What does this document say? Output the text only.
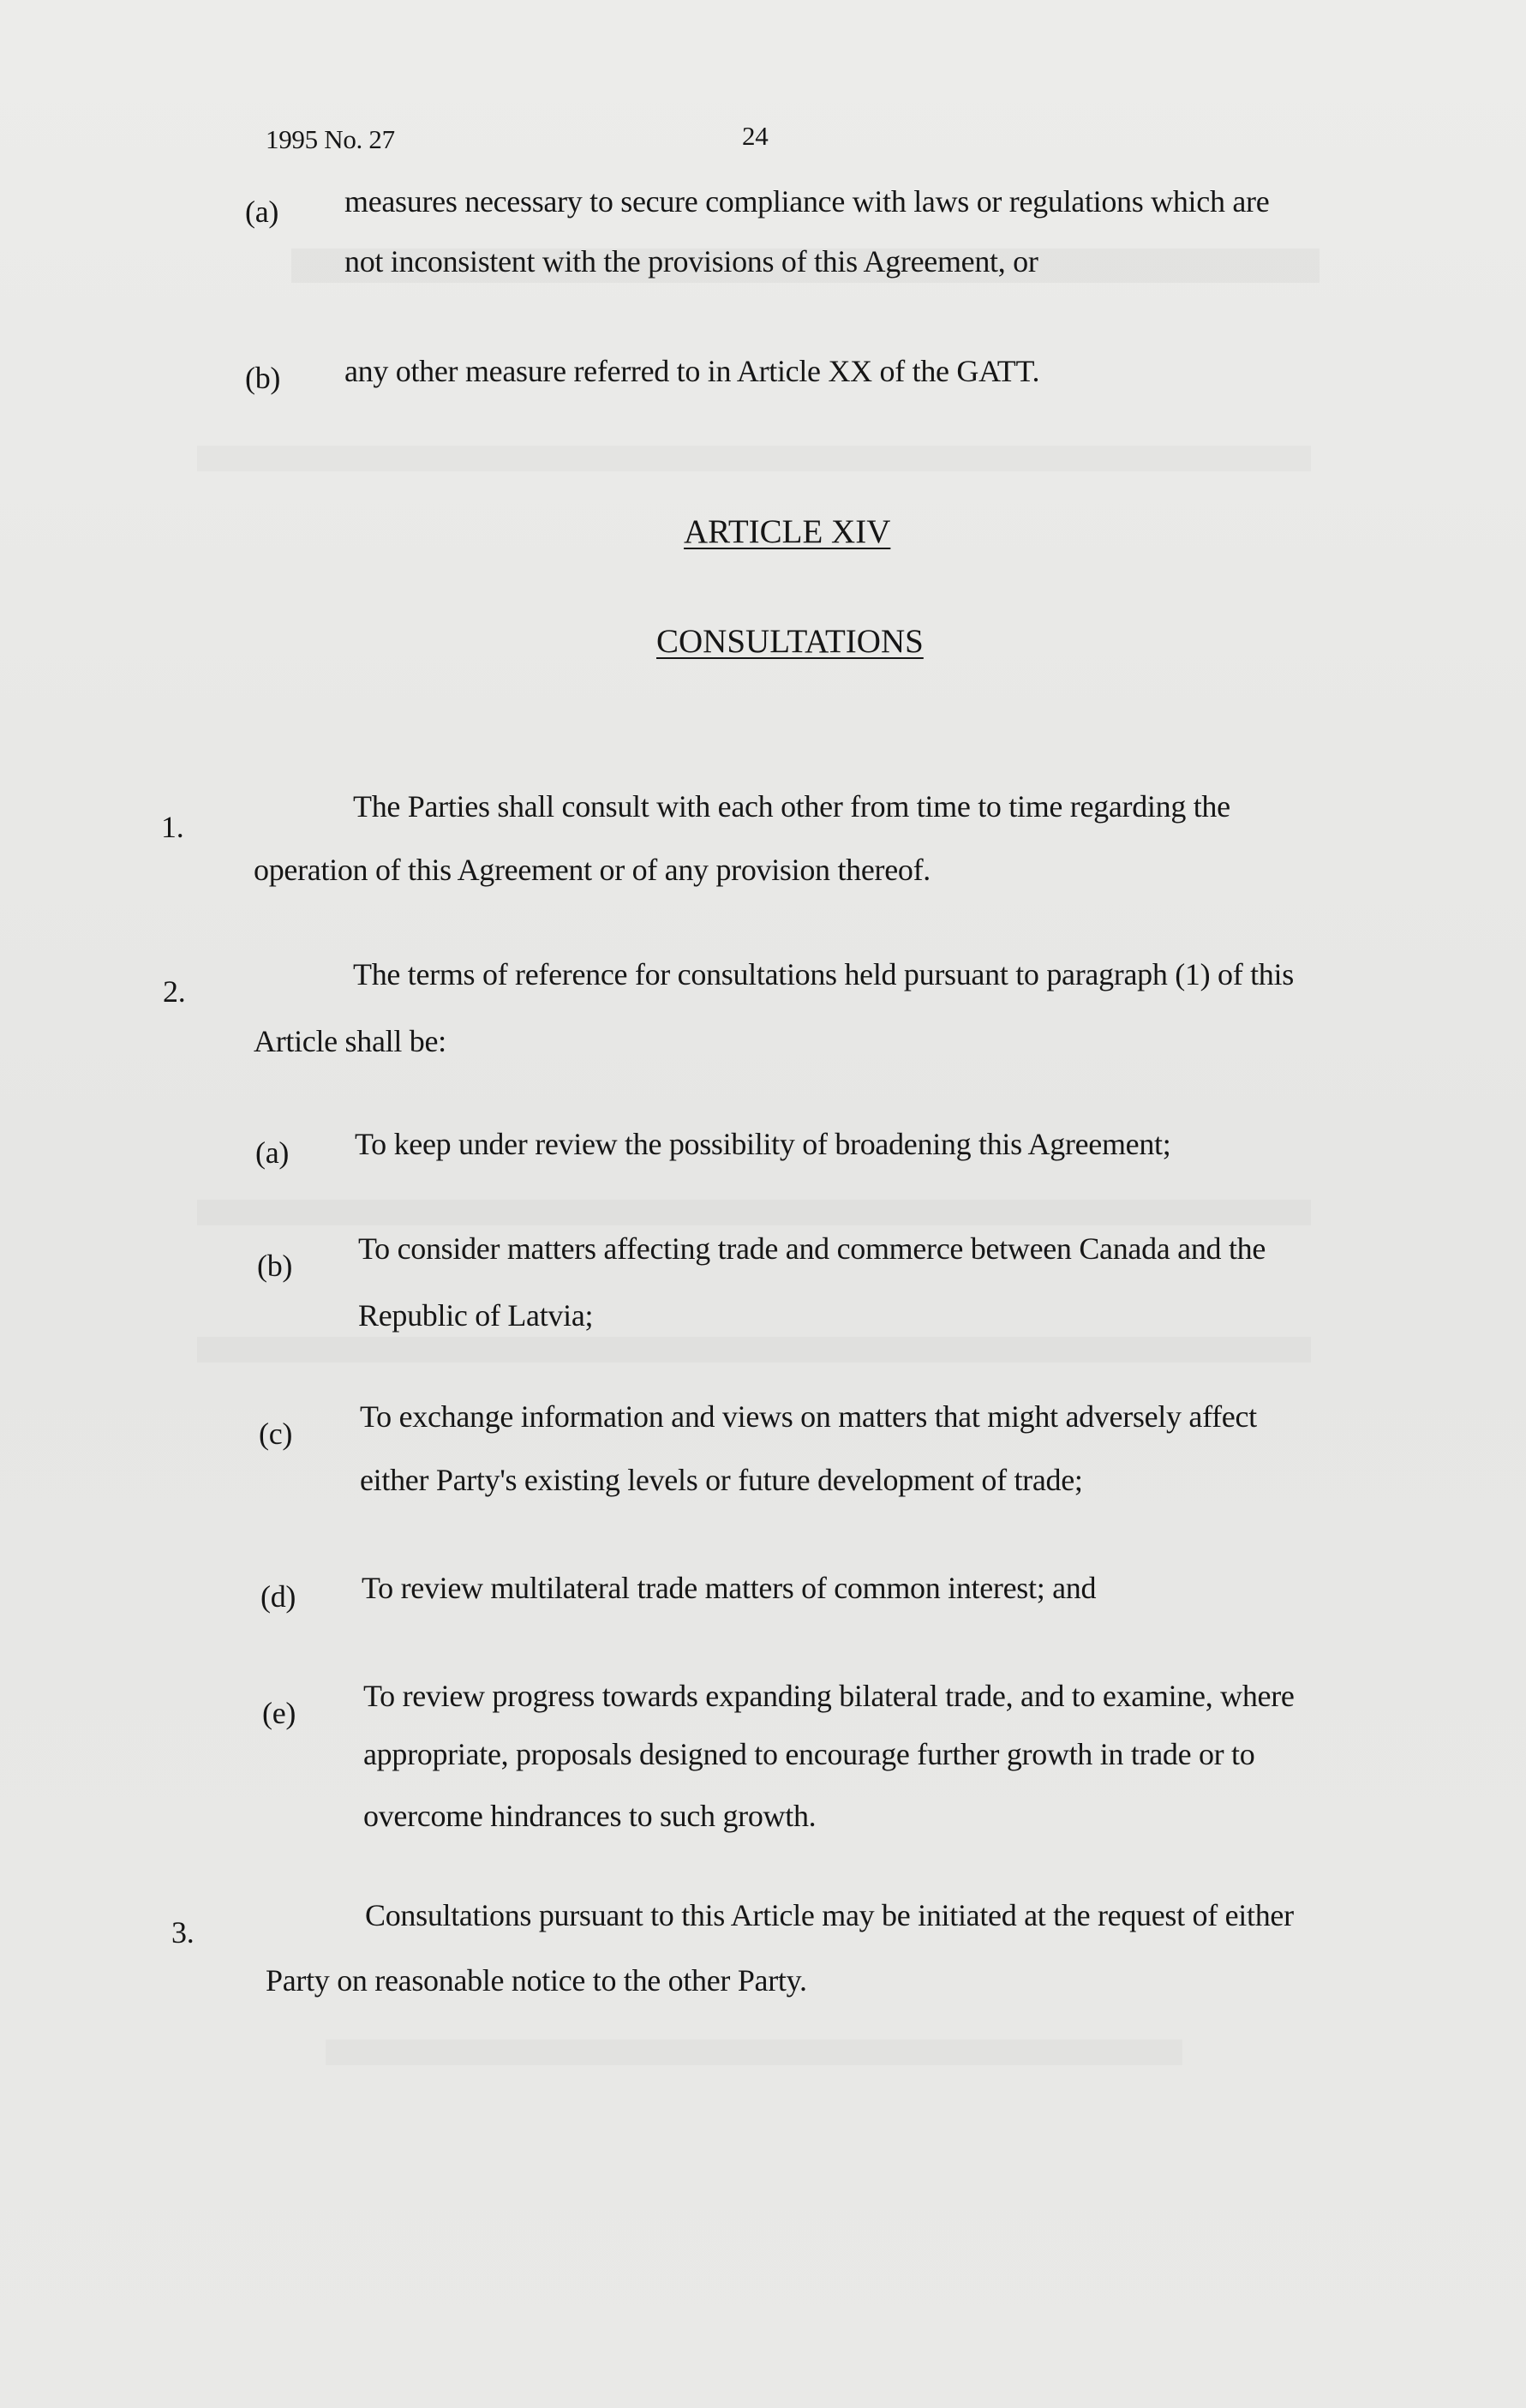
1995 No. 27	24
(a) measures necessary to secure compliance with laws or regulations which are
not inconsistent with the provisions of this Agreement, or
(b) any other measure referred to in Article XX of the GATT.
ARTICLE XIV
CONSULTATIONS
1.
The Parties shall consult with each other from time to time regarding the
operation of this Agreement or of any provision thereof.
2.	The terms of reference for consultations held pursuant to paragraph (1) of this
Article shall be:
(a) To keep under review the possibility of broadening this Agreement;
(b) To consider matters affecting trade and commerce between Canada and the
Republic of Latvia;
(c) To exchange information and views on matters that might adversely affect
either Party's existing levels or future development of trade;
(d) To review multilateral trade matters of common interest; and
(e) To review progress towards expanding bilateral trade, and to examine, where
appropriate, proposals designed to encourage further growth in trade or to
overcome hindrances to such growth.
3.	Consultations pursuant to this Article may be initiated at the request of either
Party on reasonable notice to the other Party.
